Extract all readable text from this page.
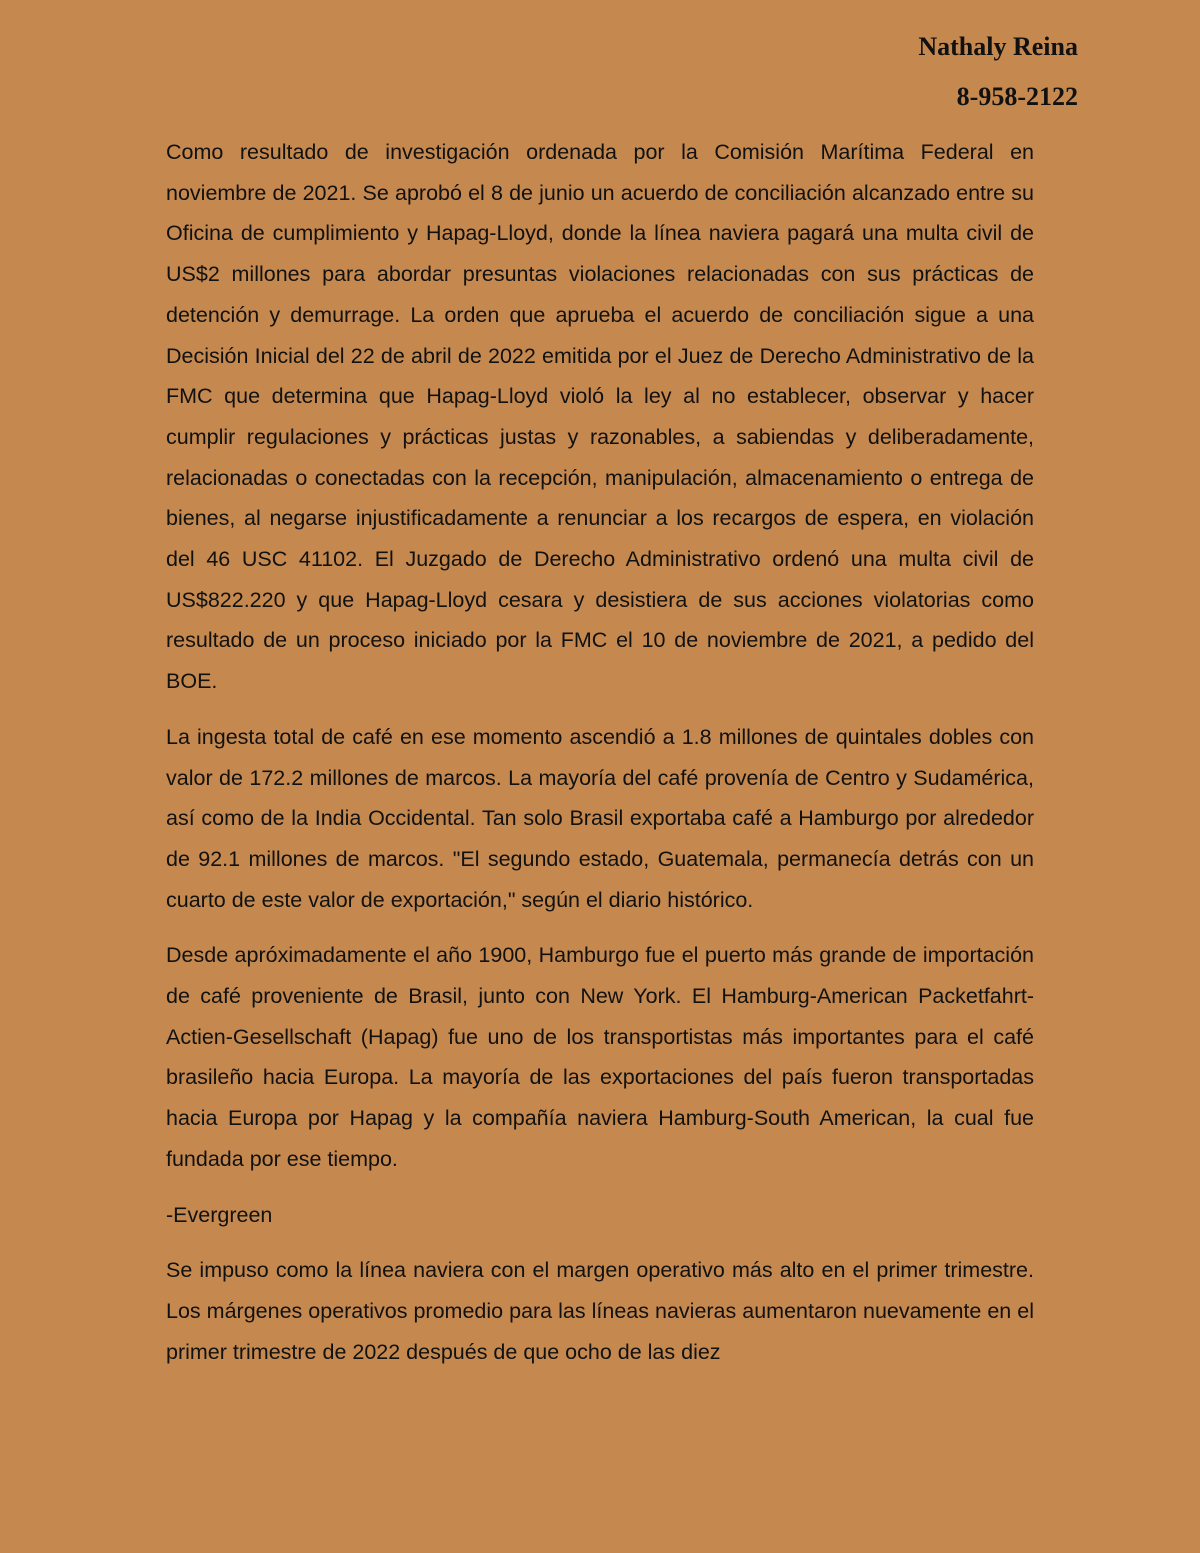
Nathaly Reina
8-958-2122

Como resultado de investigación ordenada por la Comisión Marítima Federal en noviembre de 2021. Se aprobó el 8 de junio un acuerdo de conciliación alcanzado entre su Oficina de cumplimiento y Hapag-Lloyd, donde la línea naviera pagará una multa civil de US$2 millones para abordar presuntas violaciones relacionadas con sus prácticas de detención y demurrage. La orden que aprueba el acuerdo de conciliación sigue a una Decisión Inicial del 22 de abril de 2022 emitida por el Juez de Derecho Administrativo de la FMC que determina que Hapag-Lloyd violó la ley al no establecer, observar y hacer cumplir regulaciones y prácticas justas y razonables, a sabiendas y deliberadamente, relacionadas o conectadas con la recepción, manipulación, almacenamiento o entrega de bienes, al negarse injustificadamente a renunciar a los recargos de espera, en violación del 46 USC 41102. El Juzgado de Derecho Administrativo ordenó una multa civil de US$822.220 y que Hapag-Lloyd cesara y desistiera de sus acciones violatorias como resultado de un proceso iniciado por la FMC el 10 de noviembre de 2021, a pedido del BOE.

La ingesta total de café en ese momento ascendió a 1.8 millones de quintales dobles con valor de 172.2 millones de marcos. La mayoría del café provenía de Centro y Sudamérica, así como de la India Occidental. Tan solo Brasil exportaba café a Hamburgo por alrededor de 92.1 millones de marcos. "El segundo estado, Guatemala, permanecía detrás con un cuarto de este valor de exportación," según el diario histórico.

Desde apróximadamente el año 1900, Hamburgo fue el puerto más grande de importación de café proveniente de Brasil, junto con New York. El Hamburg-American Packetfahrt-Actien-Gesellschaft (Hapag) fue uno de los transportistas más importantes para el café brasileño hacia Europa. La mayoría de las exportaciones del país fueron transportadas hacia Europa por Hapag y la compañía naviera Hamburg-South American, la cual fue fundada por ese tiempo.

-Evergreen

Se impuso como la línea naviera con el margen operativo más alto en el primer trimestre. Los márgenes operativos promedio para las líneas navieras aumentaron nuevamente en el primer trimestre de 2022 después de que ocho de las diez
